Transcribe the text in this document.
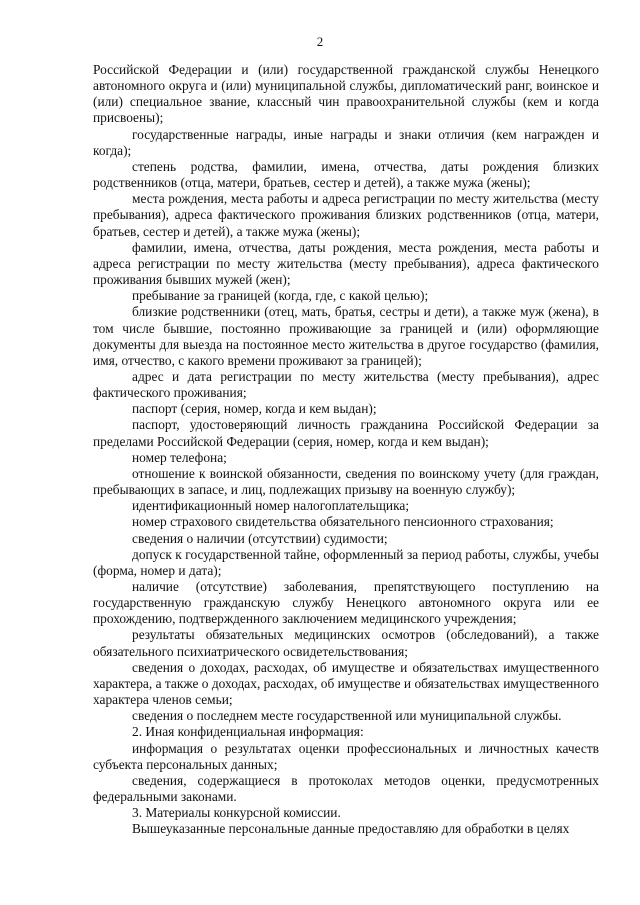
2

Российской Федерации и (или) государственной гражданской службы Ненецкого автономного округа и (или) муниципальной службы, дипломатический ранг, воинское и (или) специальное звание, классный чин правоохранительной службы (кем и когда присвоены);

государственные награды, иные награды и знаки отличия (кем награжден и когда);

степень родства, фамилии, имена, отчества, даты рождения близких родственников (отца, матери, братьев, сестер и детей), а также мужа (жены);

места рождения, места работы и адреса регистрации по месту жительства (месту пребывания), адреса фактического проживания близких родственников (отца, матери, братьев, сестер и детей), а также мужа (жены);

фамилии, имена, отчества, даты рождения, места рождения, места работы и адреса регистрации по месту жительства (месту пребывания), адреса фактического проживания бывших мужей (жен);

пребывание за границей (когда, где, с какой целью);

близкие родственники (отец, мать, братья, сестры и дети), а также муж (жена), в том числе бывшие, постоянно проживающие за границей и (или) оформляющие документы для выезда на постоянное место жительства в другое государство (фамилия, имя, отчество, с какого времени проживают за границей);

адрес и дата регистрации по месту жительства (месту пребывания), адрес фактического проживания;

паспорт (серия, номер, когда и кем выдан);

паспорт, удостоверяющий личность гражданина Российской Федерации за пределами Российской Федерации (серия, номер, когда и кем выдан);

номер телефона;

отношение к воинской обязанности, сведения по воинскому учету (для граждан, пребывающих в запасе, и лиц, подлежащих призыву на военную службу);

идентификационный номер налогоплательщика;

номер страхового свидетельства обязательного пенсионного страхования;

сведения о наличии (отсутствии) судимости;

допуск к государственной тайне, оформленный за период работы, службы, учебы (форма, номер и дата);

наличие (отсутствие) заболевания, препятствующего поступлению на государственную гражданскую службу Ненецкого автономного округа или ее прохождению, подтвержденного заключением медицинского учреждения;

результаты обязательных медицинских осмотров (обследований), а также обязательного психиатрического освидетельствования;

сведения о доходах, расходах, об имуществе и обязательствах имущественного характера, а также о доходах, расходах, об имуществе и обязательствах имущественного характера членов семьи;

сведения о последнем месте государственной или муниципальной службы.

2. Иная конфиденциальная информация:

информация о результатах оценки профессиональных и личностных качеств субъекта персональных данных;

сведения, содержащиеся в протоколах методов оценки, предусмотренных федеральными законами.

3. Материалы конкурсной комиссии.

Вышеуказанные персональные данные предоставляю для обработки в целях
